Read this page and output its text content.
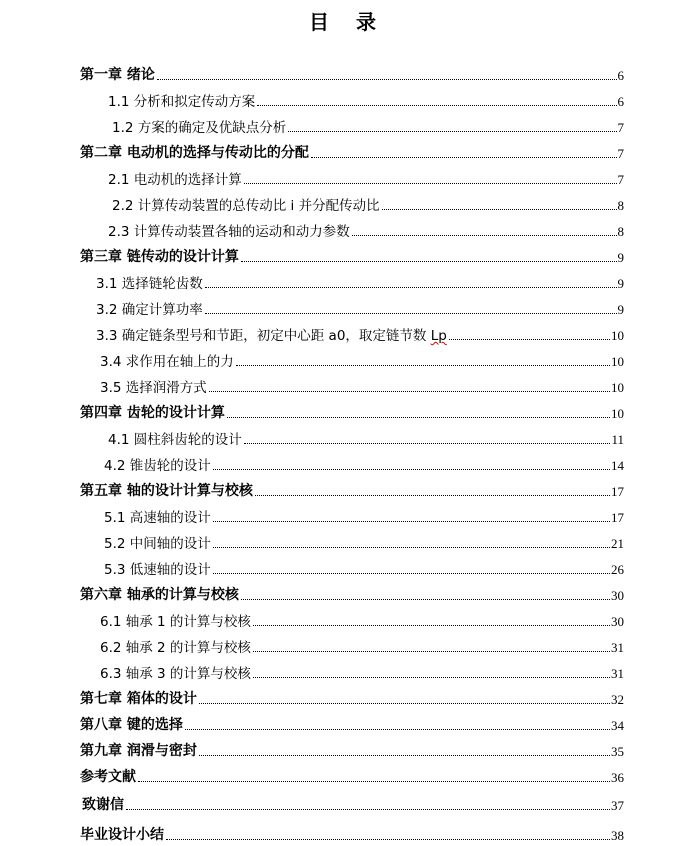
目 录
第一章 绪论	6
1.1 分析和拟定传动方案	6
1.2 方案的确定及优缺点分析	7
第二章 电动机的选择与传动比的分配	7
2.1 电动机的选择计算	7
2.2 计算传动装置的总传动比 i 并分配传动比	8
2.3 计算传动装置各轴的运动和动力参数	8
第三章 链传动的设计计算	9
3.1 选择链轮齿数	9
3.2 确定计算功率	9
3.3 确定链条型号和节距，初定中心距 a0，取定链节数 Lp	10
3.4 求作用在轴上的力	10
3.5 选择润滑方式	10
第四章 齿轮的设计计算	10
4.1 圆柱斜齿轮的设计	11
4.2 锥齿轮的设计	14
第五章 轴的设计计算与校核	17
5.1 高速轴的设计	17
5.2 中间轴的设计	21
5.3 低速轴的设计	26
第六章 轴承的计算与校核	30
6.1 轴承 1 的计算与校核	30
6.2 轴承 2 的计算与校核	31
6.3 轴承 3 的计算与校核	31
第七章 箱体的设计	32
第八章 键的选择	34
第九章 润滑与密封	35
参考文献	36
致谢信	37
毕业设计小结	38
